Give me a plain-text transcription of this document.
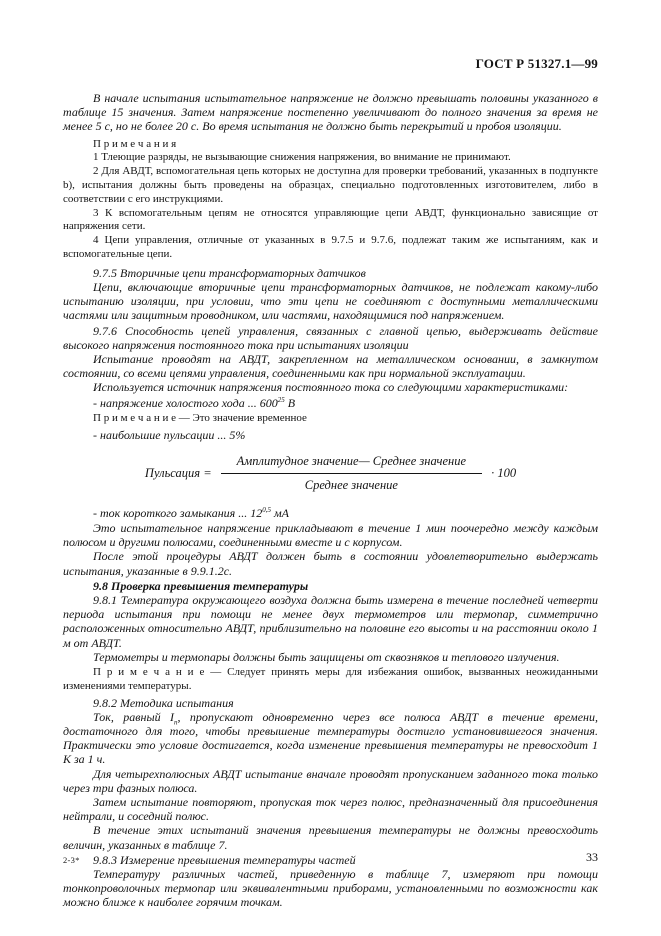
ГОСТ Р 51327.1—99

В начале испытания испытательное напряжение не должно превышать половины указанного в таблице 15 значения. Затем напряжение постепенно увеличивают до полного значения за время не менее 5 с, но не более 20 с. Во время испытания не должно быть перекрытий и пробоя изоляции.

П р и м е ч а н и я

1 Тлеющие разряды, не вызывающие снижения напряжения, во внимание не принимают.

2 Для АВДТ, вспомогательная цепь которых не доступна для проверки требований, указанных в подпункте b), испытания должны быть проведены на образцах, специально подготовленных изготовителем, либо в соответствии с его инструкциями.

3 К вспомогательным цепям не относятся управляющие цепи АВДТ, функционально зависящие от напряжения сети.

4 Цепи управления, отличные от указанных в 9.7.5 и 9.7.6, подлежат таким же испытаниям, как и вспомогательные цепи.

9.7.5 Вторичные цепи трансформаторных датчиков

Цепи, включающие вторичные цепи трансформаторных датчиков, не подлежат какому-либо испытанию изоляции, при условии, что эти цепи не соединяют с доступными металлическими частями или защитным проводником, или частями, находящимися под напряжением.

9.7.6 Способность цепей управления, связанных с главной цепью, выдерживать действие высокого напряжения постоянного тока при испытаниях изоляции

Испытание проводят на АВДТ, закрепленном на металлическом основании, в замкнутом состоянии, со всеми цепями управления, соединенными как при нормальной эксплуатации.

Используется источник напряжения постоянного тока со следующими характеристиками:

- напряжение холостого хода ... $600^{25}$ В

П р и м е ч а н и е — Это значение временное

- наибольшие пульсации ... 5%

Пульсация = $\frac{\text{Амплитудное значение— Среднее значение}}{\text{Среднее значение}} \cdot 100$

- ток короткого замыкания ... 12$^{0,5}$ мА

Это испытательное напряжение прикладывают в течение 1 мин поочередно между каждым полюсом и другими полюсами, соединенными вместе и с корпусом.

После этой процедуры АВДТ должен быть в состоянии удовлетворительно выдержать испытания, указанные в 9.9.1.2с.

9.8 Проверка превышения температуры

9.8.1 Температура окружающего воздуха должна быть измерена в течение последней четверти периода испытания при помощи не менее двух термометров или термопар, симметрично расположенных относительно АВДТ, приблизительно на половине его высоты и на расстоянии около 1 м от АВДТ.

Термометры и термопары должны быть защищены от сквозняков и теплового излучения.

П р и м е ч а н и е — Следует принять меры для избежания ошибок, вызванных неожиданными изменениями температуры.

9.8.2 Методика испытания

Ток, равный $I_n$, пропускают одновременно через все полюса АВДТ в течение времени, достаточного для того, чтобы превышение температуры достигло установившегося значения. Практически это условие достигается, когда изменение превышения температуры не превосходит 1 К за 1 ч.

Для четырехполюсных АВДТ испытание вначале проводят пропусканием заданного тока только через три фазных полюса.

Затем испытание повторяют, пропуская ток через полюс, предназначенный для присоединения нейтрали, и соседний полюс.

В течение этих испытаний значения превышения температуры не должны превосходить величин, указанных в таблице 7.

9.8.3 Измерение превышения температуры частей

Температуру различных частей, приведенную в таблице 7, измеряют при помощи тонкопроволочных термопар или эквивалентными приборами, установленными по возможности как можно ближе к наиболее горячим точкам.

2-3*	33
